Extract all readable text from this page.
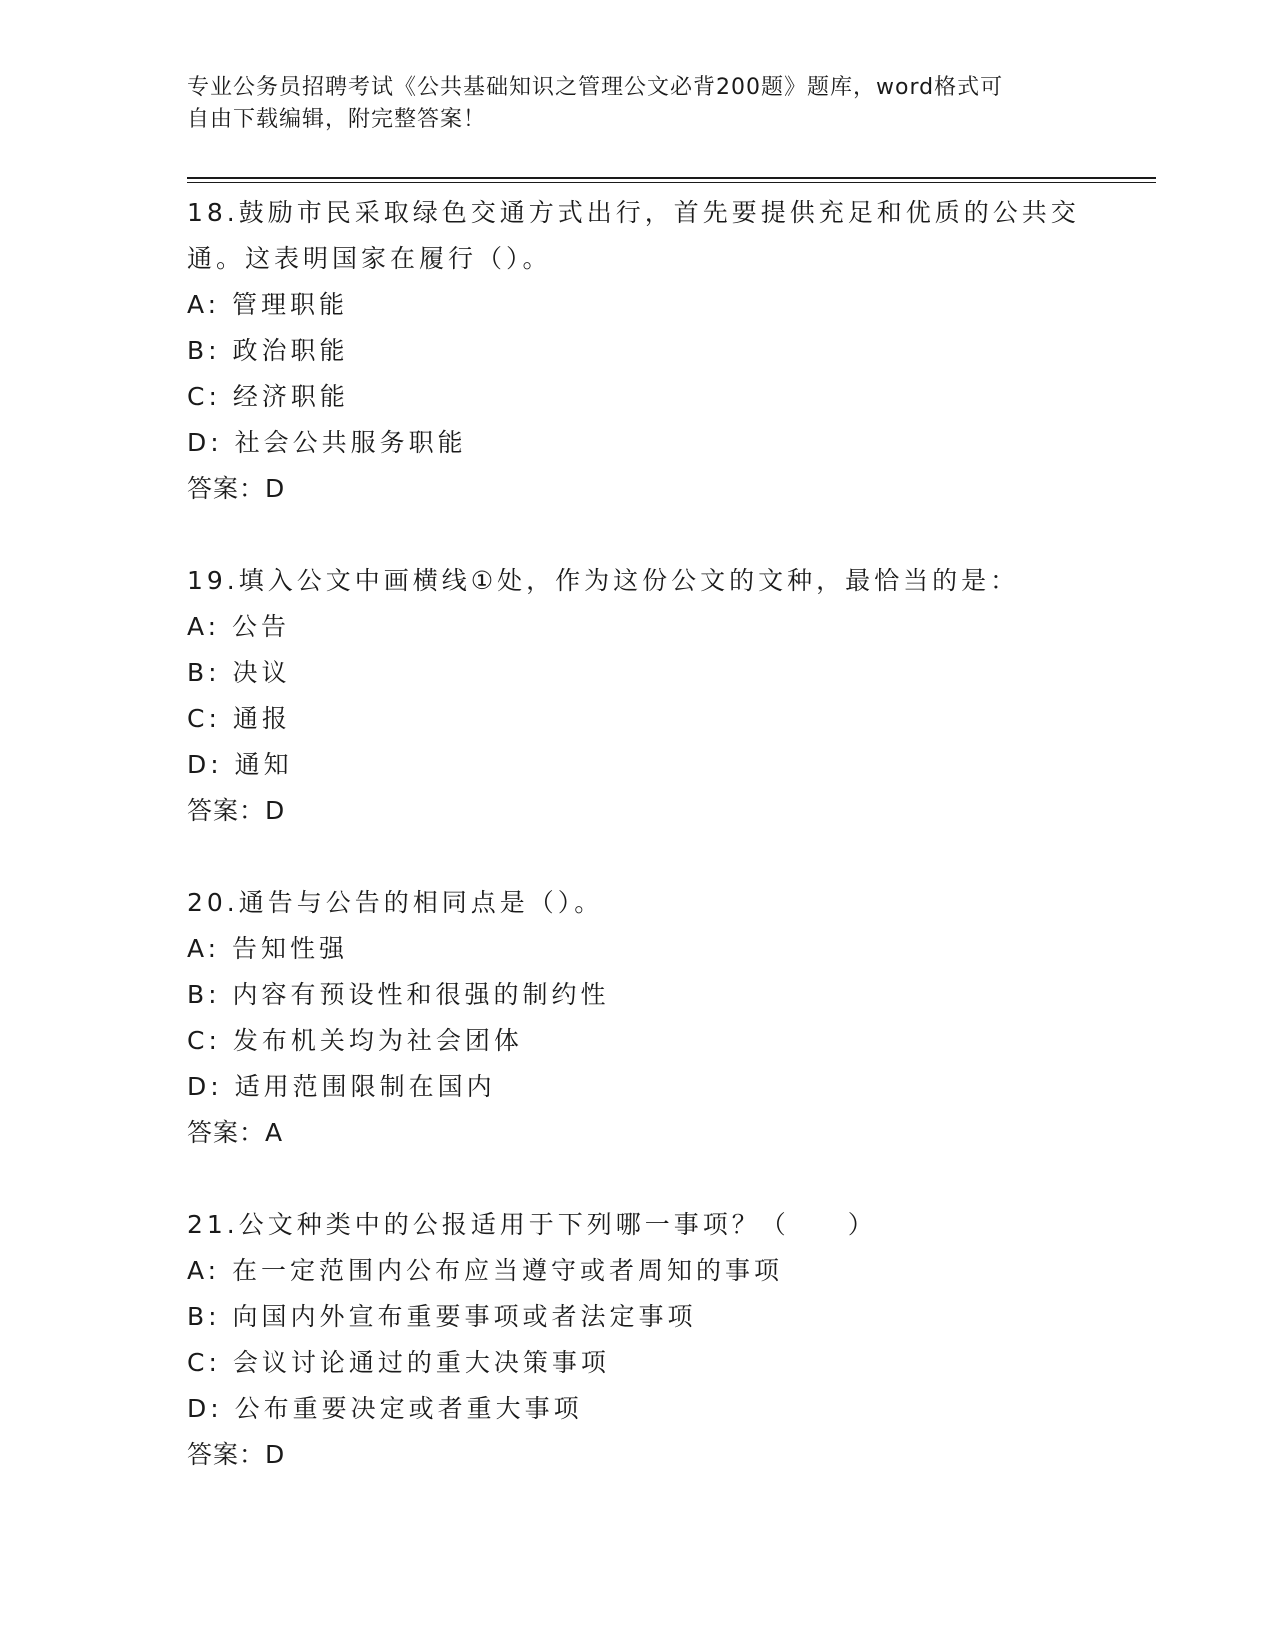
专业公务员招聘考试《公共基础知识之管理公文必背200题》题库，word格式可
自由下载编辑，附完整答案！
18.鼓励市民采取绿色交通方式出行，首先要提供充足和优质的公共交
通。这表明国家在履行（）。
A: 管理职能
B: 政治职能
C: 经济职能
D: 社会公共服务职能
答案：D
19.填入公文中画横线①处，作为这份公文的文种，最恰当的是：
A: 公告
B: 决议
C: 通报
D: 通知
答案：D
20.通告与公告的相同点是（）。
A: 告知性强
B: 内容有预设性和很强的制约性
C: 发布机关均为社会团体
D: 适用范围限制在国内
答案：A
21.公文种类中的公报适用于下列哪一事项？（　　）
A: 在一定范围内公布应当遵守或者周知的事项
B: 向国内外宣布重要事项或者法定事项
C: 会议讨论通过的重大决策事项
D: 公布重要决定或者重大事项
答案：D
